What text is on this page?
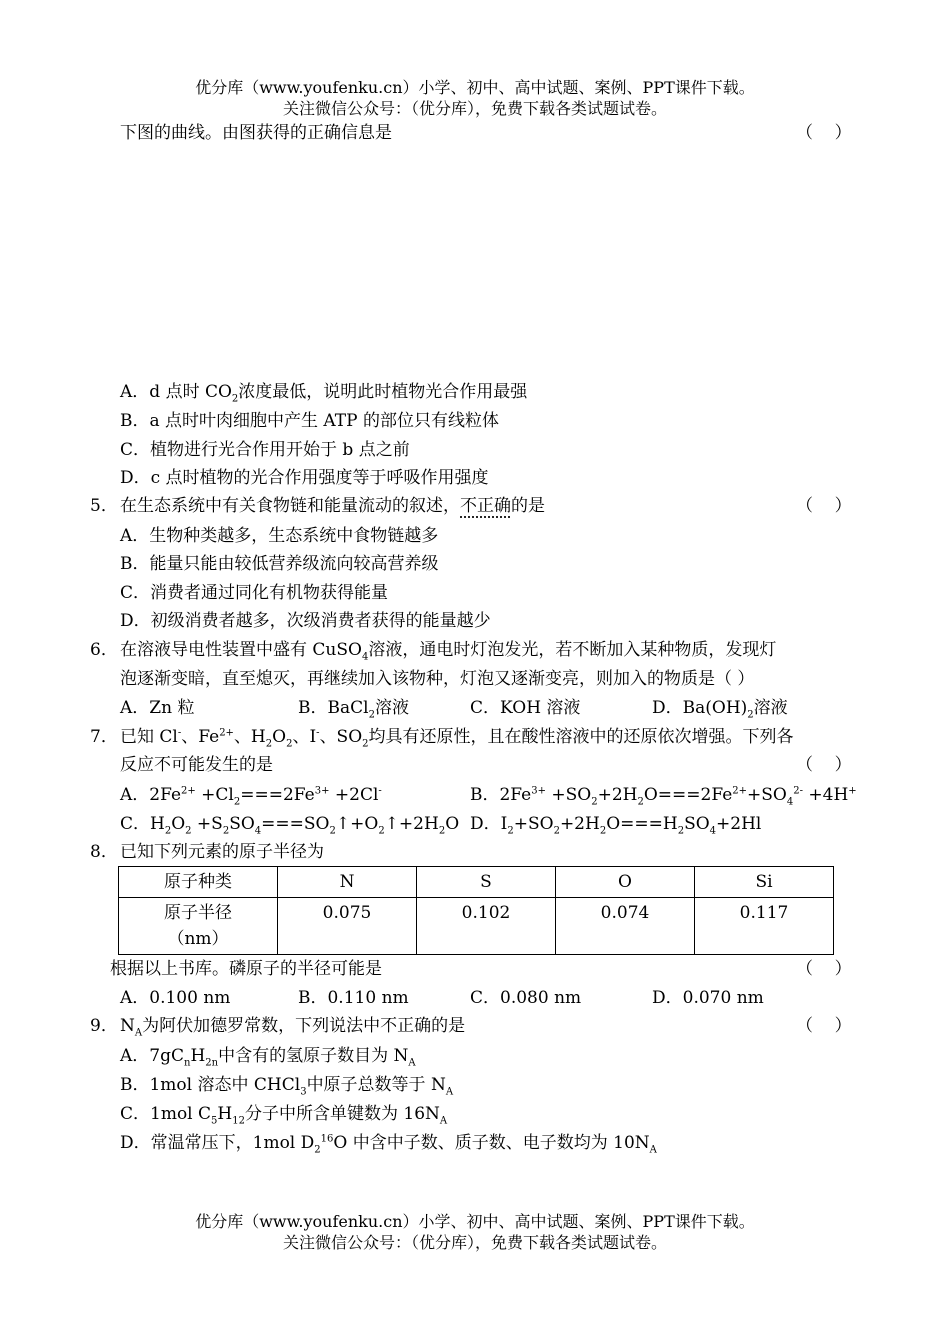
优分库（www.youfenku.cn）小学、初中、高中试题、案例、PPT课件下载。
关注微信公众号：（优分库），免费下载各类试题试卷。
下图的曲线。由图获得的正确信息是	（    ）
A．d 点时 $CO_2$浓度最低，说明此时植物光合作用最强
B．a 点时叶肉细胞中产生 ATP 的部位只有线粒体
C．植物进行光合作用开始于 b 点之前
D．c 点时植物的光合作用强度等于呼吸作用强度
5． 在生态系统中有关食物链和能量流动的叙述，不正确的是	（    ）
A．生物种类越多，生态系统中食物链越多
B．能量只能由较低营养级流向较高营养级
C．消费者通过同化有机物获得能量
D．初级消费者越多，次级消费者获得的能量越少
6． 在溶液导电性装置中盛有 CuSO$_4$溶液，通电时灯泡发光，若不断加入某种物质，发现灯
泡逐渐变暗，直至熄灭，再继续加入该物种，灯泡又逐渐变亮，则加入的物质是（ ）
A．Zn 粒	B．BaCl$_2$溶液	C．KOH 溶液	D．$Ba(OH)_2$溶液
7． 已知 Cl-、$Fe^{2+}$、$H_2O_2$、I-、$SO_2$均具有还原性，且在酸性溶液中的还原依次增强。下列各
反应不可能发生的是	（    ）
A．$2Fe^{2+} +Cl_2===2Fe^{3+} +2Cl^-$	B．$2Fe^{3+} +SO_2+2H_2O===2Fe^{2+}+SO_4^{2-} +4H^+$
C．$H_2O_2$ $+S_2SO_4===SO_2↑+O_2↑+2H_2O$ D．$I_2+SO_2+2H_2O===H_2SO_4+2Hl$
8． 已知下列元素的原子半径为
原子种类	N	S	O	Si

原子半径
（nm）	0.075	0.102	0.074	0.117
根据以上书库。磷原子的半径可能是	（    ）
A．0.100 nm	B．0.110 nm	C．0.080 nm	D．0.070 nm
9． $N_A$为阿伏加德罗常数，下列说法中不正确的是	（    ）
A．$7gC_nH_{2n}$中含有的氢原子数目为 $N_A$
B．1mol 溶态中 CHCl$_3$中原子总数等于 $N_A$
C．1mol $C_5H_{12}$分子中所含单键数为 $16N_A$
D．常温常压下，1mol $D_2^{16}O$ 中含中子数、质子数、电子数均为 $10N_A$
优分库（www.youfenku.cn）小学、初中、高中试题、案例、PPT课件下载。
关注微信公众号：（优分库），免费下载各类试题试卷。
